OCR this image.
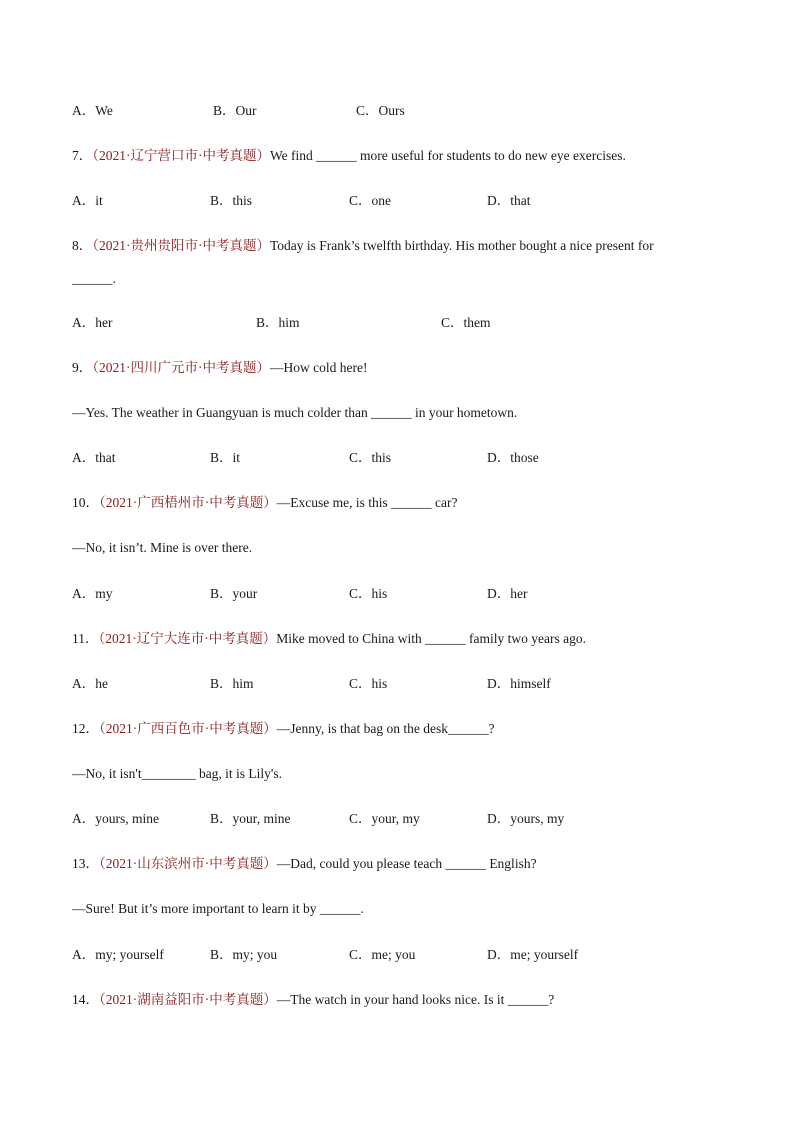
A．We	B．Our	C．Ours
7．（2021·辽宁营口市·中考真题）We find ______ more useful for students to do new eye exercises.
A．it	B．this	C．one	D．that
8．（2021·贵州贵阳市·中考真题）Today is Frank’s twelfth birthday. His mother bought a nice present for
______.
A．her	B．him	C．them
9．（2021·四川广元市·中考真题）—How cold here!
—Yes. The weather in Guangyuan is much colder than ______ in your hometown.
A．that	B．it	C．this	D．those
10．（2021·广西梧州市·中考真题）—Excuse me, is this ______ car?
—No, it isn’t. Mine is over there.
A．my	B．your	C．his	D．her
11．（2021·辽宁大连市·中考真题）Mike moved to China with ______ family two years ago.
A．he	B．him	C．his	D．himself
12．（2021·广西百色市·中考真题）—Jenny, is that bag on the desk______?
—No, it isn't________ bag, it is Lily's.
A．yours, mine	B．your, mine	C．your, my	D．yours, my
13．（2021·山东滨州市·中考真题）—Dad, could you please teach ______ English?
—Sure! But it’s more important to learn it by ______.
A．my; yourself	B．my; you	C．me; you	D．me; yourself
14．（2021·湖南益阳市·中考真题）—The watch in your hand looks nice. Is it ______?
